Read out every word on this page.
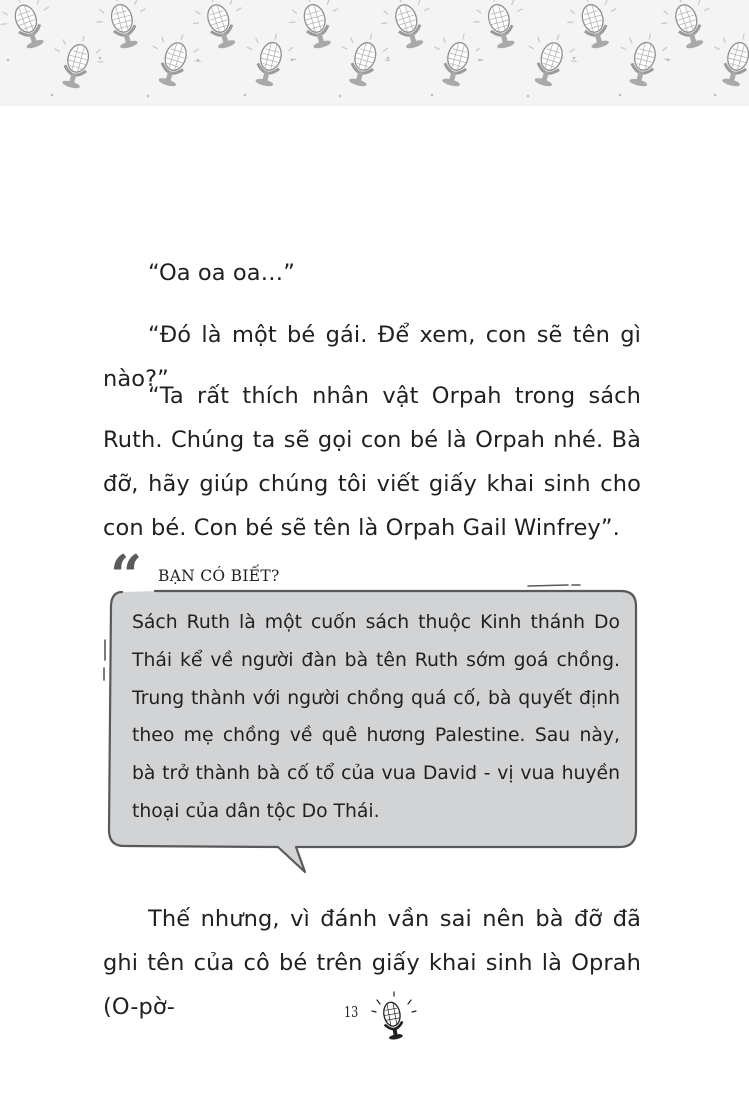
“Oa oa oa…”

“Đó là một bé gái. Để xem, con sẽ tên gì nào?”

“Ta rất thích nhân vật Orpah trong sách Ruth. Chúng ta sẽ gọi con bé là Orpah nhé. Bà đỡ, hãy giúp chúng tôi viết giấy khai sinh cho con bé. Con bé sẽ tên là Orpah Gail Winfrey”.

“ BẠN CÓ BIẾT?

Sách Ruth là một cuốn sách thuộc Kinh thánh Do Thái kể về người đàn bà tên Ruth sớm goá chồng. Trung thành với người chồng quá cố, bà quyết định theo mẹ chồng về quê hương Palestine. Sau này, bà trở thành bà cố tổ của vua David - vị vua huyền thoại của dân tộc Do Thái.

Thế nhưng, vì đánh vần sai nên bà đỡ đã ghi tên của cô bé trên giấy khai sinh là Oprah (O-pờ-	13
